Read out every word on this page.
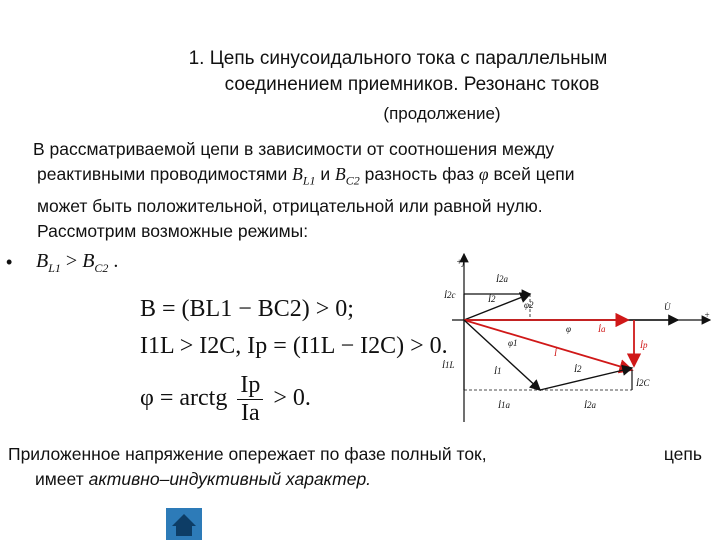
1. Цепь синусоидального тока с параллельным
соединением приемников. Резонанс токов
(продолжение)
В рассматриваемой цепи в зависимости от соотношения между
реактивными проводимостями $B_{L1}$ и $B_{C2}$ разность фаз φ всей цепи
может быть положительной, отрицательной или равной нулю.
Рассмотрим возможные режимы:
• $B_{L1} > B_{C2}$ .
B = (BL1 − BC2) > 0;
I1L > I2C, Ip = (I1L − I2C) > 0.
φ = arctg $\frac{Ip}{Ia} > 0$.
+j
+
İ2a
İ2c	İ2
φ2	U̇
İa
İp
İ
φ
İ1L
φ1
İ1	İ2
İ2C
İ1a	İ2a
Приложенное напряжение опережает по фазе полный ток,	цепь
имеет активно–индуктивный характер.
